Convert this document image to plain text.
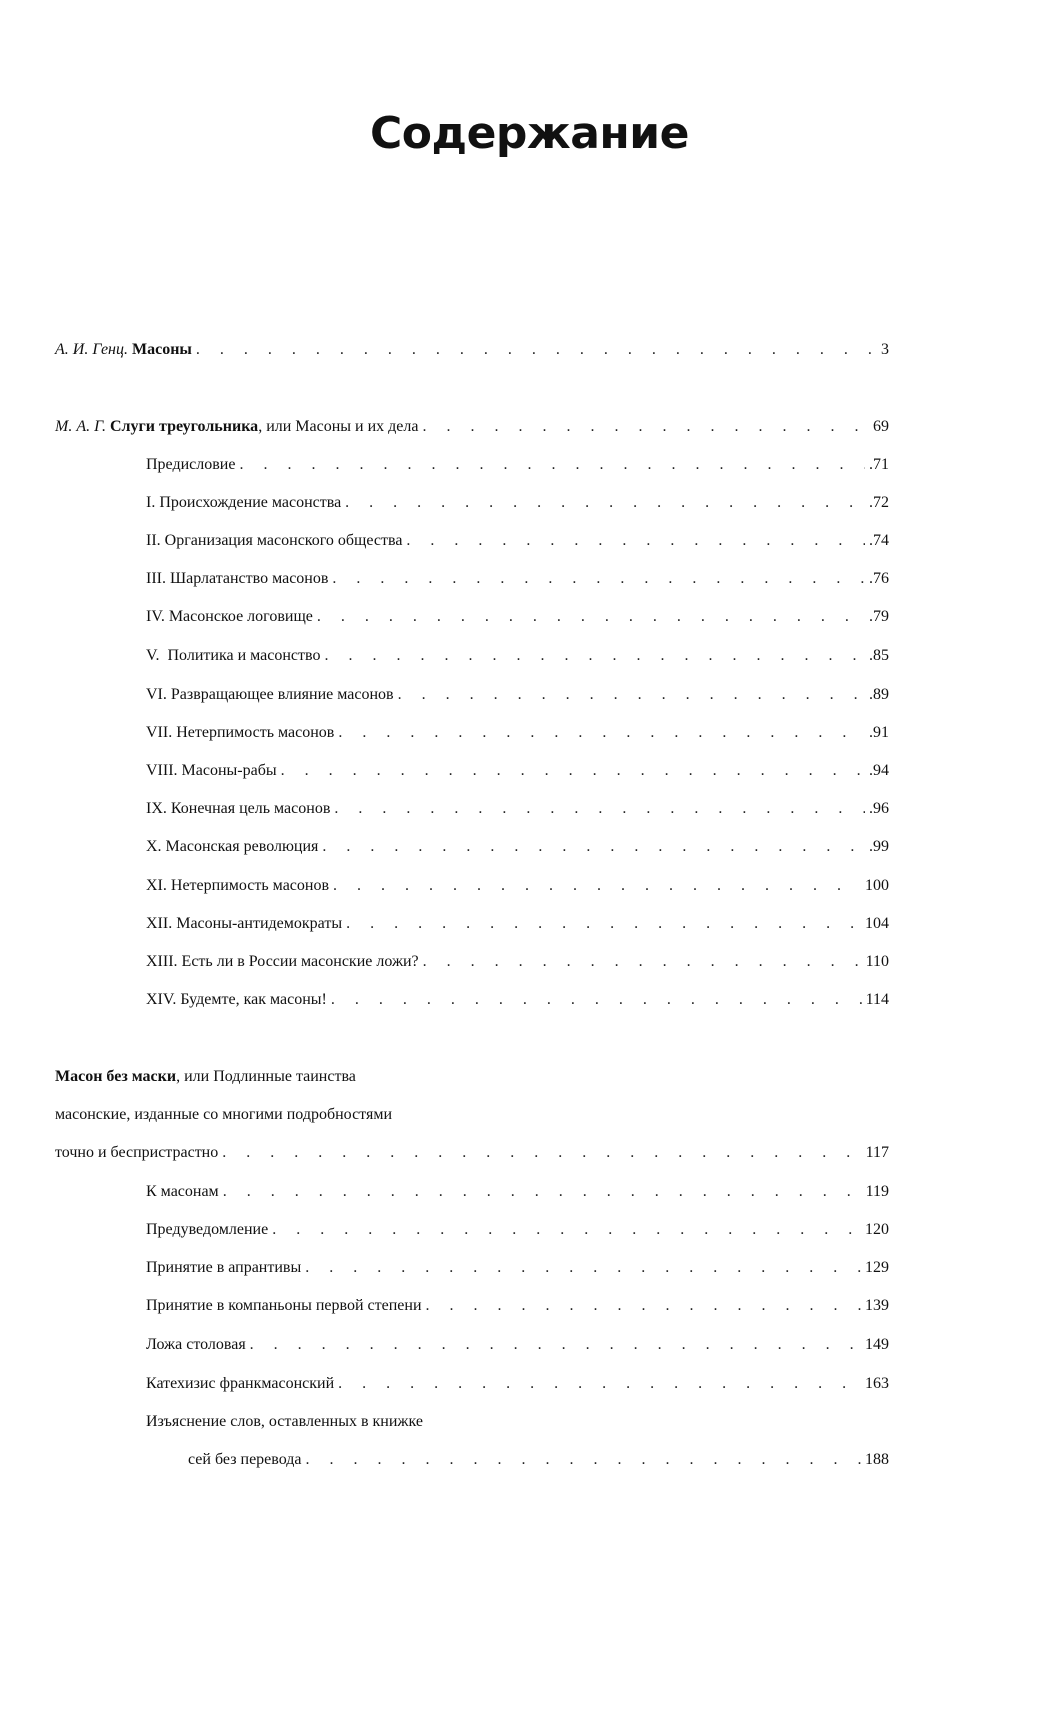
Содержание
А. И. Генц. Масоны . . .	3
М. А. Г. Слуги треугольника, или Масоны и их дела . . .	69
Предисловие . . .	.71
I. Происхождение масонства . . .	.72
II. Организация масонского общества . . .	.74
III. Шарлатанство масонов . . .	.76
IV. Масонское логовище . . .	.79
V.  Политика и масонство . . .	.85
VI. Развращающее влияние масонов . . .	.89
VII. Нетерпимость масонов . . .	.91
VIII. Масоны-рабы . . .	.94
IX. Конечная цель масонов . . .	.96
X. Масонская революция . . .	.99
XI. Нетерпимость масонов . . .	100
XII. Масоны-антидемократы . . .	104
XIII. Есть ли в России масонские ложи? . . .	110
XIV. Будемте, как масоны! . . .	114
Масон без маски, или Подлинные таинства
масонские, изданные со многими подробностями
точно и беспристрастно . . .	117
К масонам . . .	119
Предуведомление . . .	120
Принятие в апрантивы . . .	129
Принятие в компаньоны первой степени . . .	139
Ложа столовая . . .	149
Катехизис франкмасонский . . .	163
Изъяснение слов, оставленных в книжке
сей без перевода . . .	188
